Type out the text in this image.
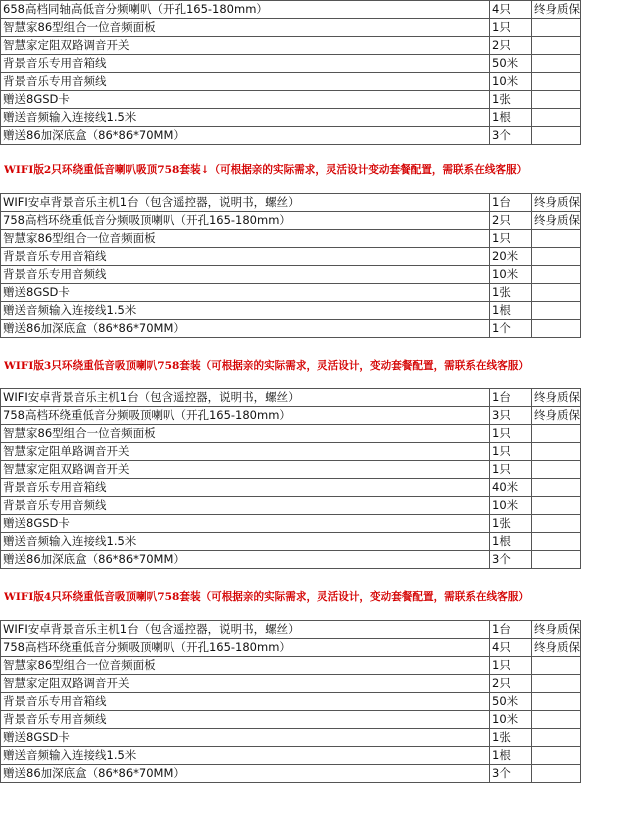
658高档同轴高低音分频喇叭（开孔165-180mm）	4只	终身质保
智慧家86型组合一位音频面板	1只	
智慧家定阻双路调音开关	2只	
背景音乐专用音箱线	50米	
背景音乐专用音频线	10米	
赠送8GSD卡	1张	
赠送音频输入连接线1.5米	1根	
赠送86加深底盒（86*86*70MM）	3个	
WIFI版2只环绕重低音喇叭吸顶758套装↓（可根据亲的实际需求，灵活设计变动套餐配置，需联系在线客服）
WIFI安卓背景音乐主机1台（包含遥控器，说明书，螺丝）	1台	终身质保
758高档环绕重低音分频吸顶喇叭（开孔165-180mm）	2只	终身质保
智慧家86型组合一位音频面板	1只	
背景音乐专用音箱线	20米	
背景音乐专用音频线	10米	
赠送8GSD卡	1张	
赠送音频输入连接线1.5米	1根	
赠送86加深底盒（86*86*70MM）	1个	
WIFI版3只环绕重低音吸顶喇叭758套装（可根据亲的实际需求，灵活设计，变动套餐配置，需联系在线客服）
WIFI安卓背景音乐主机1台（包含遥控器，说明书，螺丝）	1台	终身质保
758高档环绕重低音分频吸顶喇叭（开孔165-180mm）	3只	终身质保
智慧家86型组合一位音频面板	1只	
智慧家定阻单路调音开关	1只	
智慧家定阻双路调音开关	1只	
背景音乐专用音箱线	40米	
背景音乐专用音频线	10米	
赠送8GSD卡	1张	
赠送音频输入连接线1.5米	1根	
赠送86加深底盒（86*86*70MM）	3个	
WIFI版4只环绕重低音吸顶喇叭758套装（可根据亲的实际需求，灵活设计，变动套餐配置，需联系在线客服）
WIFI安卓背景音乐主机1台（包含遥控器，说明书，螺丝）	1台	终身质保
758高档环绕重低音分频吸顶喇叭（开孔165-180mm）	4只	终身质保
智慧家86型组合一位音频面板	1只	
智慧家定阻双路调音开关	2只	
背景音乐专用音箱线	50米	
背景音乐专用音频线	10米	
赠送8GSD卡	1张	
赠送音频输入连接线1.5米	1根	
赠送86加深底盒（86*86*70MM）	3个	
